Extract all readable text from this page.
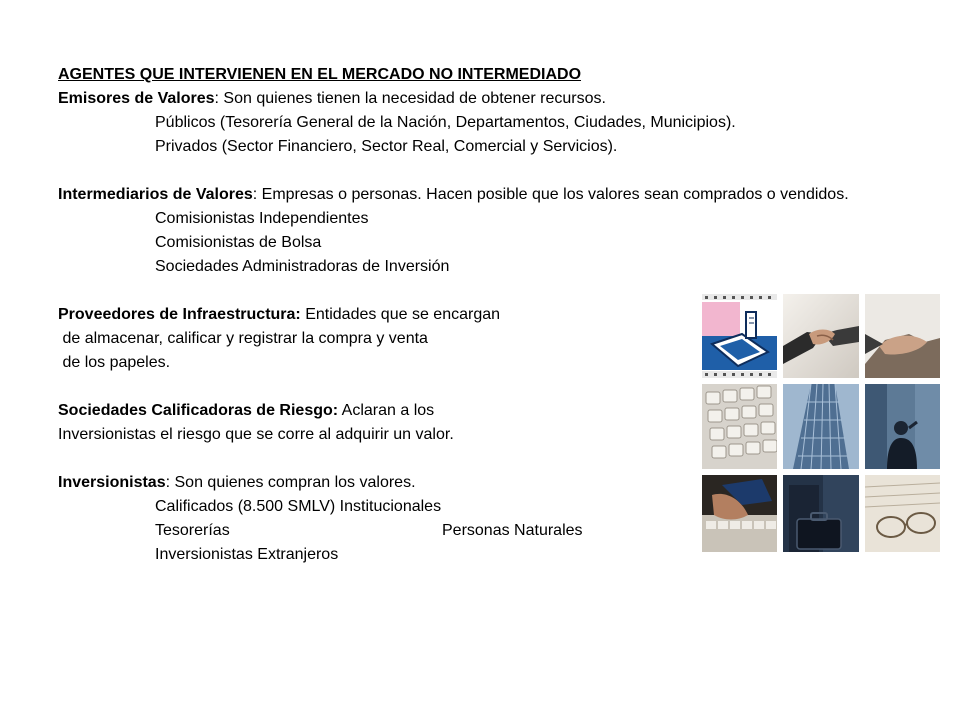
AGENTES QUE INTERVIENEN EN EL MERCADO NO INTERMEDIADO
Emisores de Valores: Son quienes tienen la necesidad de obtener recursos.
Públicos (Tesorería General de la Nación, Departamentos, Ciudades, Municipios).
Privados (Sector Financiero, Sector Real, Comercial y Servicios).
Intermediarios de Valores: Empresas o personas. Hacen posible que los valores sean comprados o vendidos.
Comisionistas Independientes
Comisionistas de Bolsa
Sociedades Administradoras de Inversión
Proveedores de Infraestructura: Entidades que se encargan
de almacenar, calificar y registrar la compra y venta
de los papeles.
Sociedades Calificadoras de Riesgo: Aclaran a los
Inversionistas el riesgo que se corre al adquirir un valor.
Inversionistas: Son quienes compran los valores.
Calificados (8.500 SMLV) Institucionales
Tesorerías	Personas Naturales
Inversionistas Extranjeros
